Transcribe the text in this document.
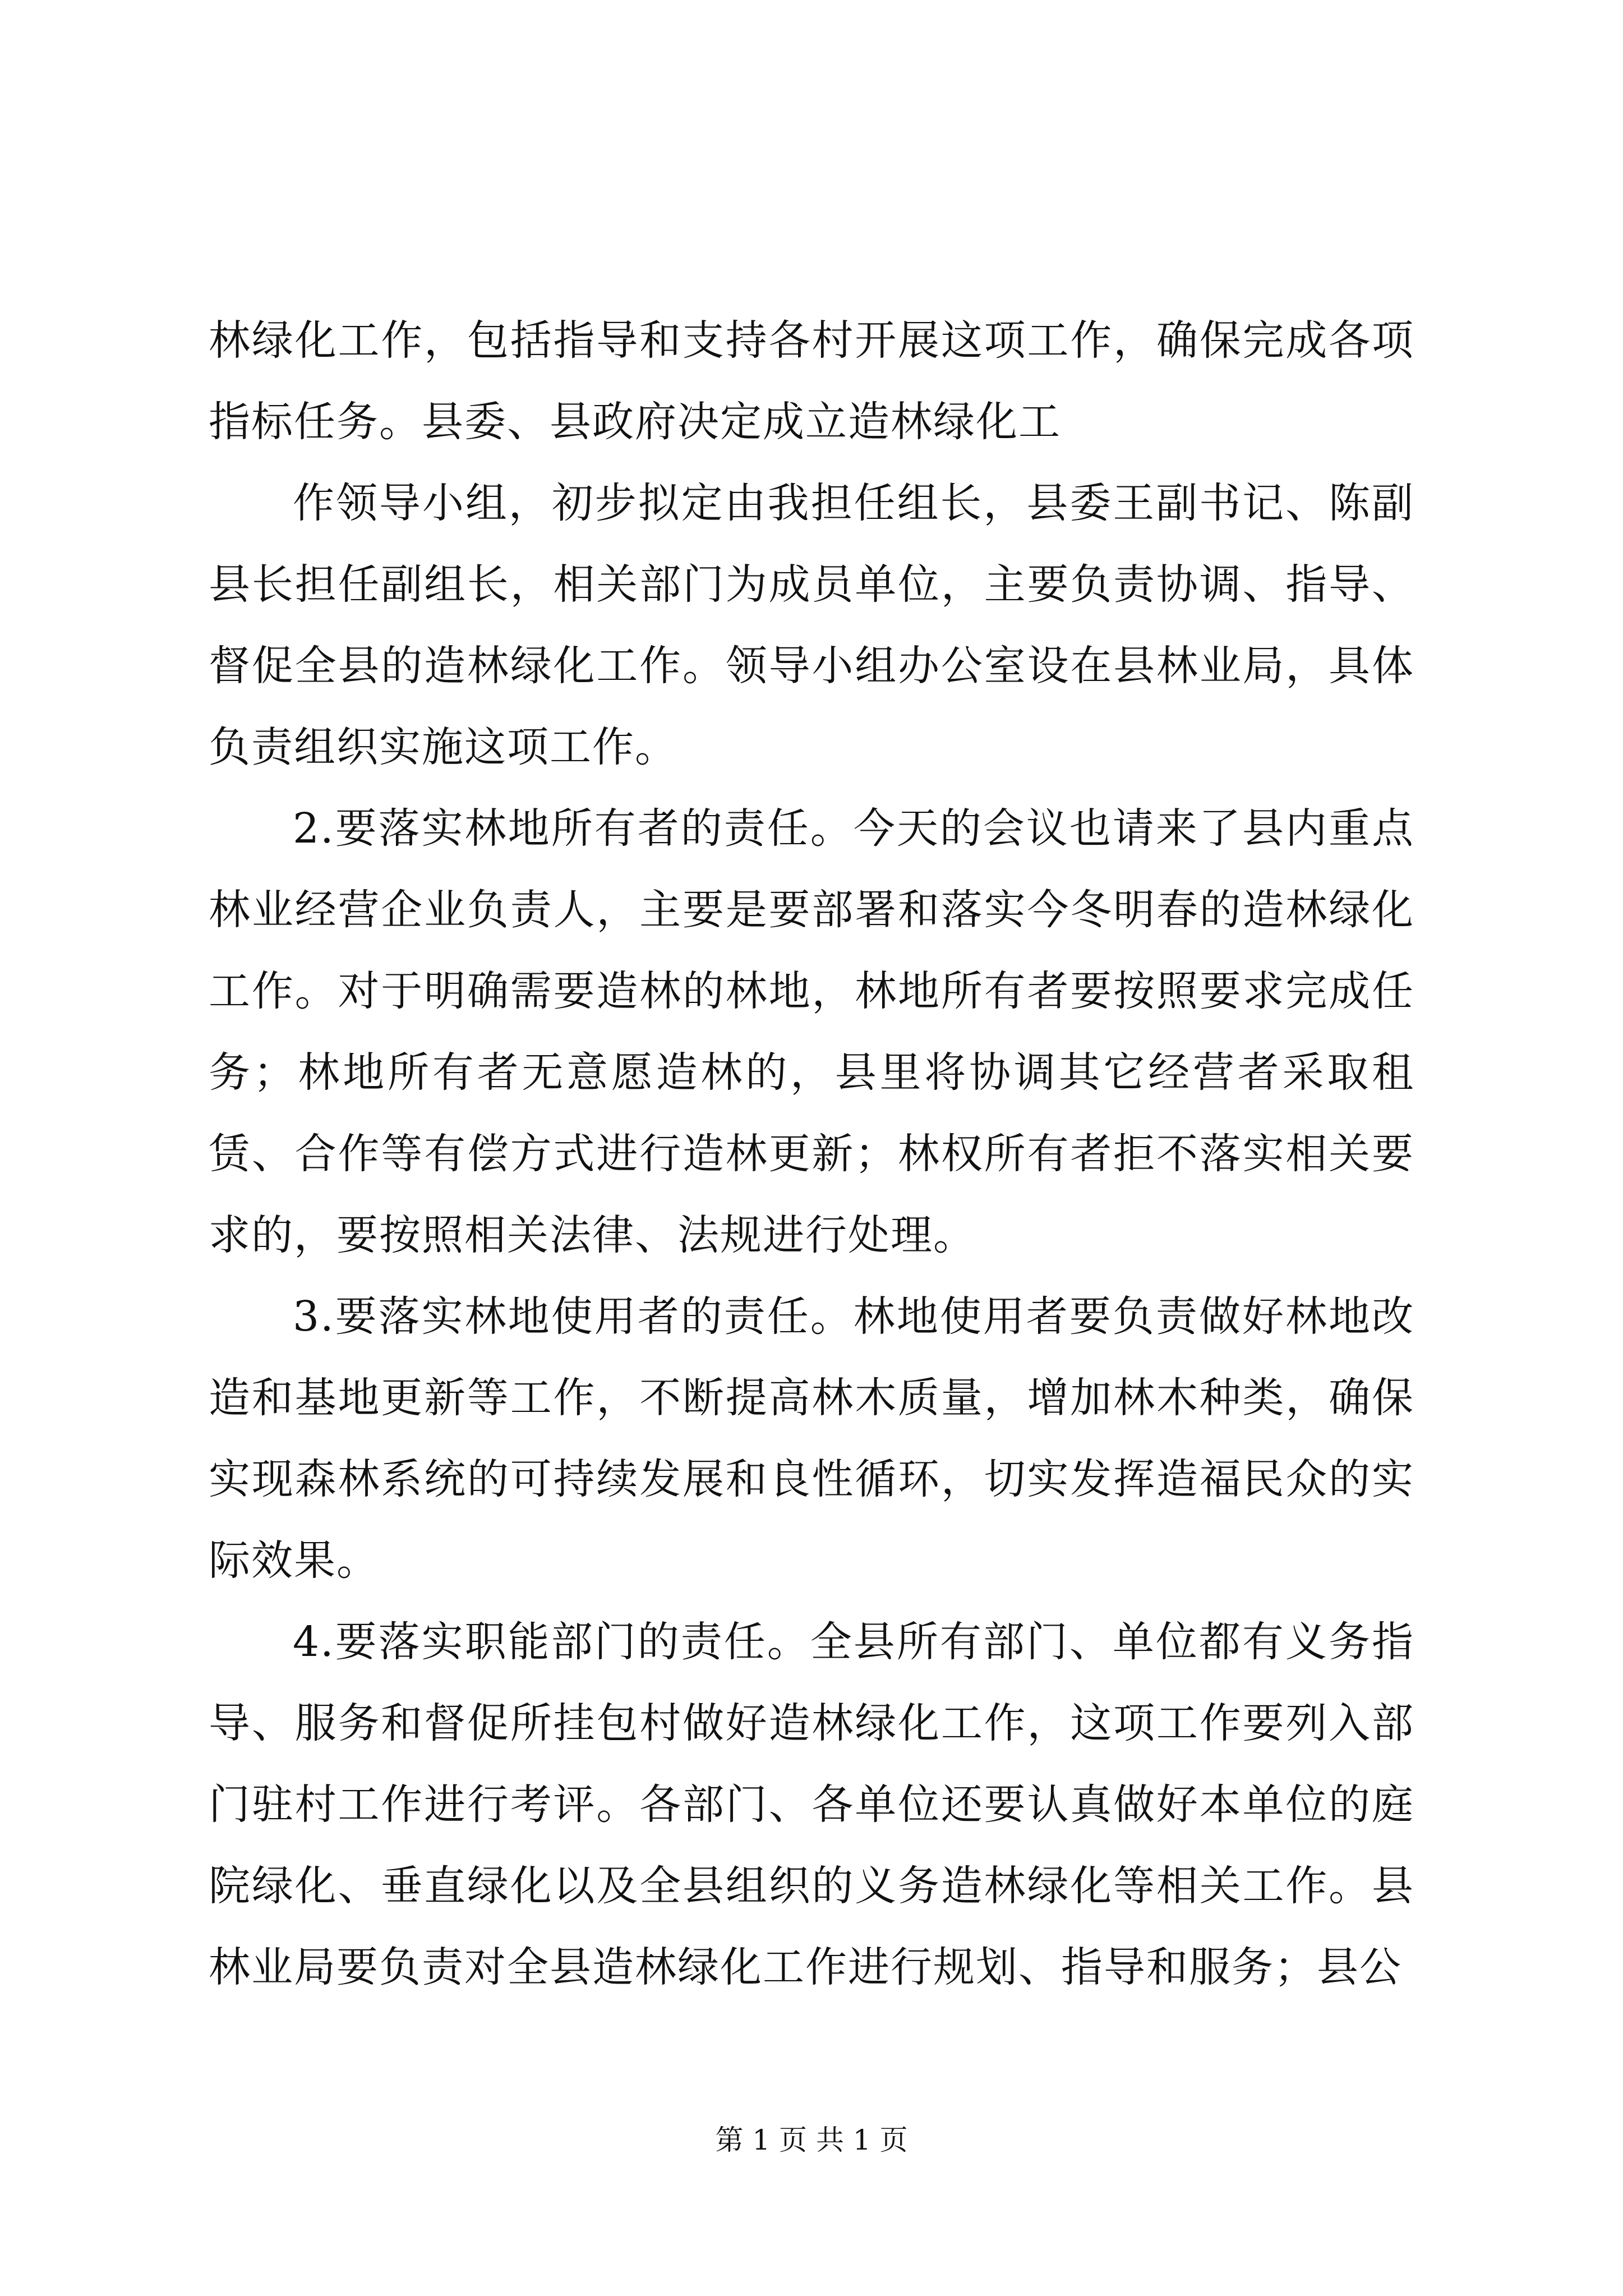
林绿化工作，包括指导和支持各村开展这项工作，确保完成各项指标任务。县委、县政府决定成立造林绿化工

作领导小组，初步拟定由我担任组长，县委王副书记、陈副县长担任副组长，相关部门为成员单位，主要负责协调、指导、督促全县的造林绿化工作。领导小组办公室设在县林业局，具体负责组织实施这项工作。

2.要落实林地所有者的责任。今天的会议也请来了县内重点林业经营企业负责人，主要是要部署和落实今冬明春的造林绿化工作。对于明确需要造林的林地，林地所有者要按照要求完成任务；林地所有者无意愿造林的，县里将协调其它经营者采取租赁、合作等有偿方式进行造林更新；林权所有者拒不落实相关要求的，要按照相关法律、法规进行处理。

3.要落实林地使用者的责任。林地使用者要负责做好林地改造和基地更新等工作，不断提高林木质量，增加林木种类，确保实现森林系统的可持续发展和良性循环，切实发挥造福民众的实际效果。

4.要落实职能部门的责任。全县所有部门、单位都有义务指导、服务和督促所挂包村做好造林绿化工作，这项工作要列入部门驻村工作进行考评。各部门、各单位还要认真做好本单位的庭院绿化、垂直绿化以及全县组织的义务造林绿化等相关工作。县林业局要负责对全县造林绿化工作进行规划、指导和服务；县公

第 1 页 共 1 页
